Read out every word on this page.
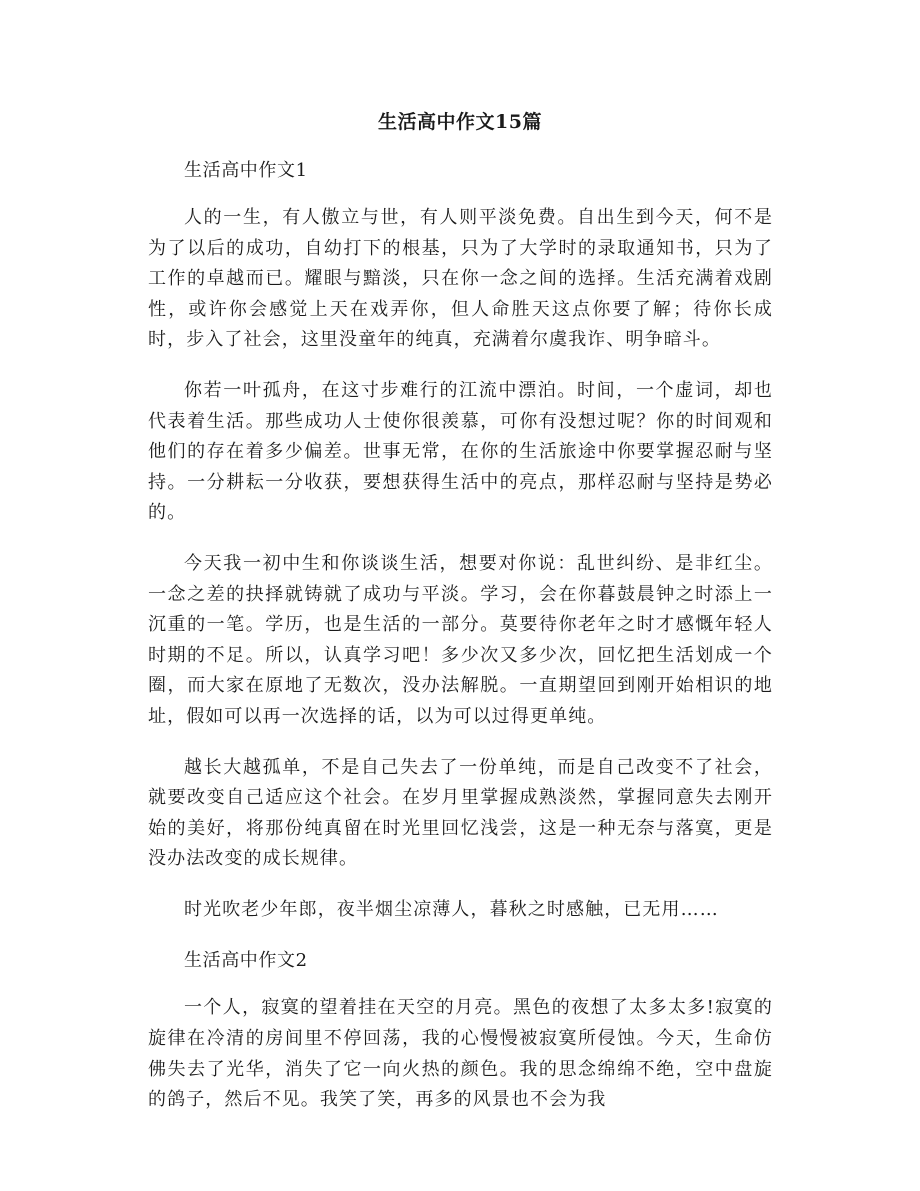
生活高中作文15篇

生活高中作文1

人的一生，有人傲立与世，有人则平淡免费。自出生到今天，何不是为了以后的成功，自幼打下的根基，只为了大学时的录取通知书，只为了工作的卓越而已。耀眼与黯淡，只在你一念之间的选择。生活充满着戏剧性，或许你会感觉上天在戏弄你，但人命胜天这点你要了解；待你长成时，步入了社会，这里没童年的纯真，充满着尔虞我诈、明争暗斗。

你若一叶孤舟，在这寸步难行的江流中漂泊。时间，一个虚词，却也代表着生活。那些成功人士使你很羡慕，可你有没想过呢？你的时间观和他们的存在着多少偏差。世事无常，在你的生活旅途中你要掌握忍耐与坚持。一分耕耘一分收获，要想获得生活中的亮点，那样忍耐与坚持是势必的。

今天我一初中生和你谈谈生活，想要对你说：乱世纠纷、是非红尘。一念之差的抉择就铸就了成功与平淡。学习，会在你暮鼓晨钟之时添上一沉重的一笔。学历，也是生活的一部分。莫要待你老年之时才感慨年轻人时期的不足。所以，认真学习吧！多少次又多少次，回忆把生活划成一个圈，而大家在原地了无数次，没办法解脱。一直期望回到刚开始相识的地址，假如可以再一次选择的话，以为可以过得更单纯。

越长大越孤单，不是自己失去了一份单纯，而是自己改变不了社会，就要改变自己适应这个社会。在岁月里掌握成熟淡然，掌握同意失去刚开始的美好，将那份纯真留在时光里回忆浅尝，这是一种无奈与落寞，更是没办法改变的成长规律。

时光吹老少年郎，夜半烟尘凉薄人，暮秋之时感触，已无用……

生活高中作文2

一个人，寂寞的望着挂在天空的月亮。黑色的夜想了太多太多!寂寞的旋律在冷清的房间里不停回荡，我的心慢慢被寂寞所侵蚀。今天，生命仿佛失去了光华，消失了它一向火热的颜色。我的思念绵绵不绝，空中盘旋的鸽子，然后不见。我笑了笑，再多的风景也不会为我
